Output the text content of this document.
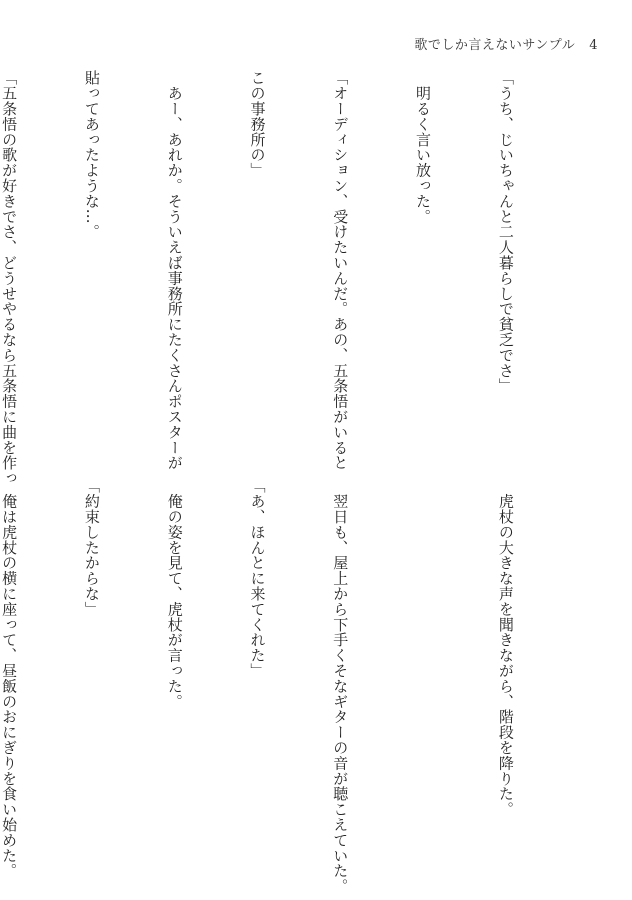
歌でしか言えないサンプル 4

「うち、じいちゃんと二人暮らしで貧乏でさ」

　明るく言い放った。

「オーディション、受けたいんだ。あの、五条悟がいると

この事務所の」

　あー、あれか。そういえば事務所にたくさんポスターが

貼ってあったような…。

「五条悟の歌が好きでさ、どうせやるなら五条悟に曲を作っ

　虎杖の大きな声を聞きながら、階段を降りた。

　翌日も、屋上から下手くそなギターの音が聴こえていた。

「あ、ほんとに来てくれた」

　俺の姿を見て、虎杖が言った。

「約束したからな」

　俺は虎杖の横に座って、昼飯のおにぎりを食い始めた。
